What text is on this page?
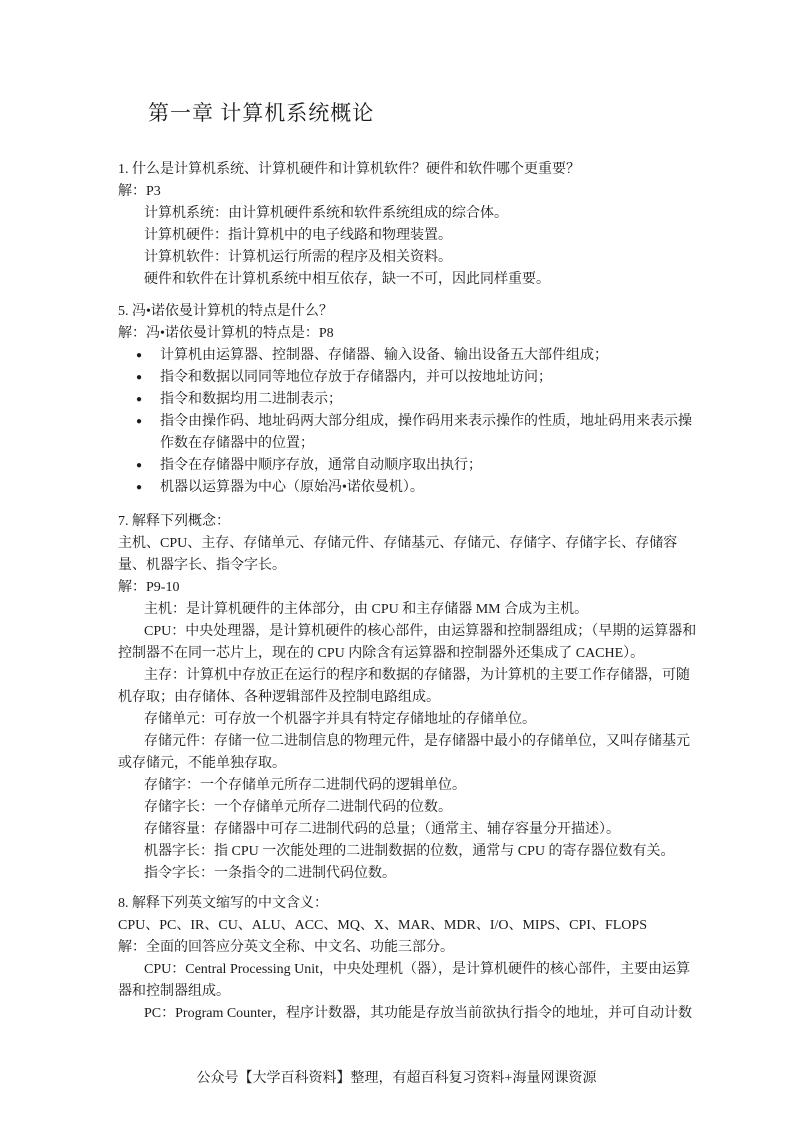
第一章 计算机系统概论

1. 什么是计算机系统、计算机硬件和计算机软件？硬件和软件哪个更重要？

解：P3

计算机系统：由计算机硬件系统和软件系统组成的综合体。

计算机硬件：指计算机中的电子线路和物理装置。

计算机软件：计算机运行所需的程序及相关资料。

硬件和软件在计算机系统中相互依存，缺一不可，因此同样重要。

5. 冯•诺依曼计算机的特点是什么？

解：冯•诺依曼计算机的特点是：P8

●	计算机由运算器、控制器、存储器、输入设备、输出设备五大部件组成；
●	指令和数据以同同等地位存放于存储器内，并可以按地址访问；
●	指令和数据均用二进制表示；
●	指令由操作码、地址码两大部分组成，操作码用来表示操作的性质，地址码用来表示操作数在存储器中的位置；
●	指令在存储器中顺序存放，通常自动顺序取出执行；
●	机器以运算器为中心（原始冯•诺依曼机）。

7. 解释下列概念：

主机、CPU、主存、存储单元、存储元件、存储基元、存储元、存储字、存储字长、存储容量、机器字长、指令字长。

解：P9-10

主机：是计算机硬件的主体部分，由 CPU 和主存储器 MM 合成为主机。

CPU：中央处理器，是计算机硬件的核心部件，由运算器和控制器组成；（早期的运算器和控制器不在同一芯片上，现在的 CPU 内除含有运算器和控制器外还集成了 CACHE）。

主存：计算机中存放正在运行的程序和数据的存储器，为计算机的主要工作存储器，可随机存取；由存储体、各种逻辑部件及控制电路组成。

存储单元：可存放一个机器字并具有特定存储地址的存储单位。

存储元件：存储一位二进制信息的物理元件，是存储器中最小的存储单位，又叫存储基元或存储元，不能单独存取。

存储字：一个存储单元所存二进制代码的逻辑单位。

存储字长：一个存储单元所存二进制代码的位数。

存储容量：存储器中可存二进制代码的总量；（通常主、辅存容量分开描述）。

机器字长：指 CPU 一次能处理的二进制数据的位数，通常与 CPU 的寄存器位数有关。

指令字长：一条指令的二进制代码位数。

8. 解释下列英文缩写的中文含义：

CPU、PC、IR、CU、ALU、ACC、MQ、X、MAR、MDR、I/O、MIPS、CPI、FLOPS

解：全面的回答应分英文全称、中文名、功能三部分。

CPU：Central Processing Unit，中央处理机（器），是计算机硬件的核心部件，主要由运算器和控制器组成。

PC：Program Counter，程序计数器，其功能是存放当前欲执行指令的地址，并可自动计数

公众号【大学百科资料】整理，有超百科复习资料+海量网课资源
